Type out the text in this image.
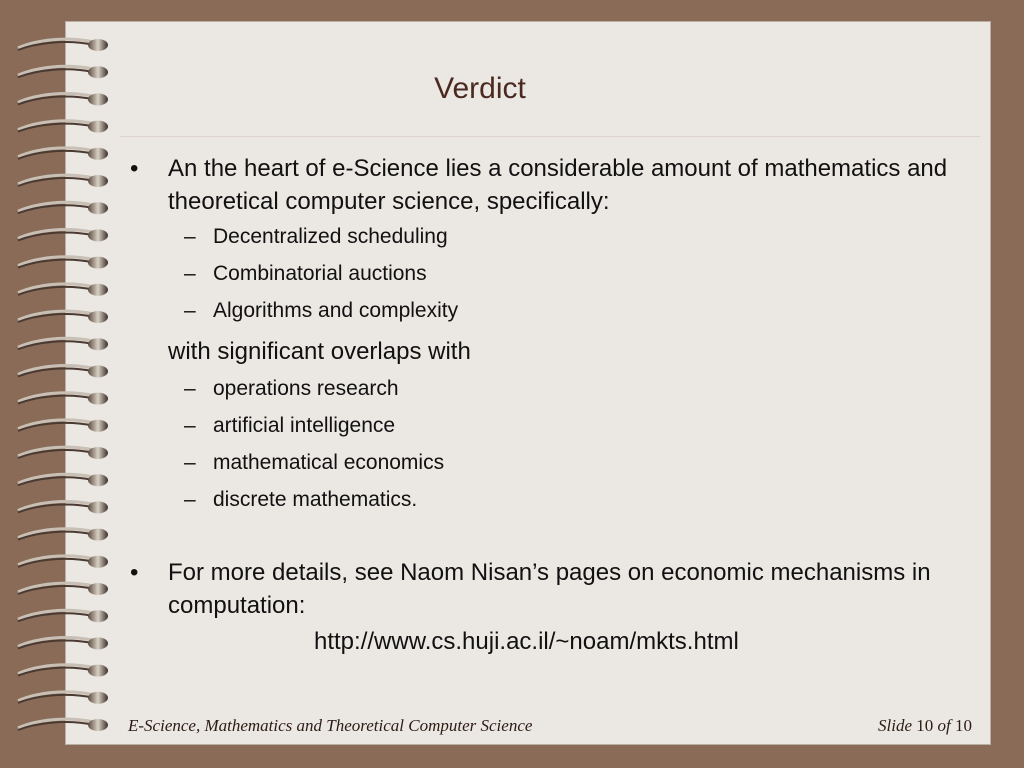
Verdict

• An the heart of e-Science lies a considerable amount of mathematics and theoretical computer science, specifically:

– Decentralized scheduling

– Combinatorial auctions

– Algorithms and complexity

with significant overlaps with

– operations research

– artificial intelligence

– mathematical economics

– discrete mathematics.

• For more details, see Naom Nisan’s pages on economic mechanisms in computation:

http://www.cs.huji.ac.il/~noam/mkts.html

E-Science, Mathematics and Theoretical Computer Science	Slide 10 of 10
